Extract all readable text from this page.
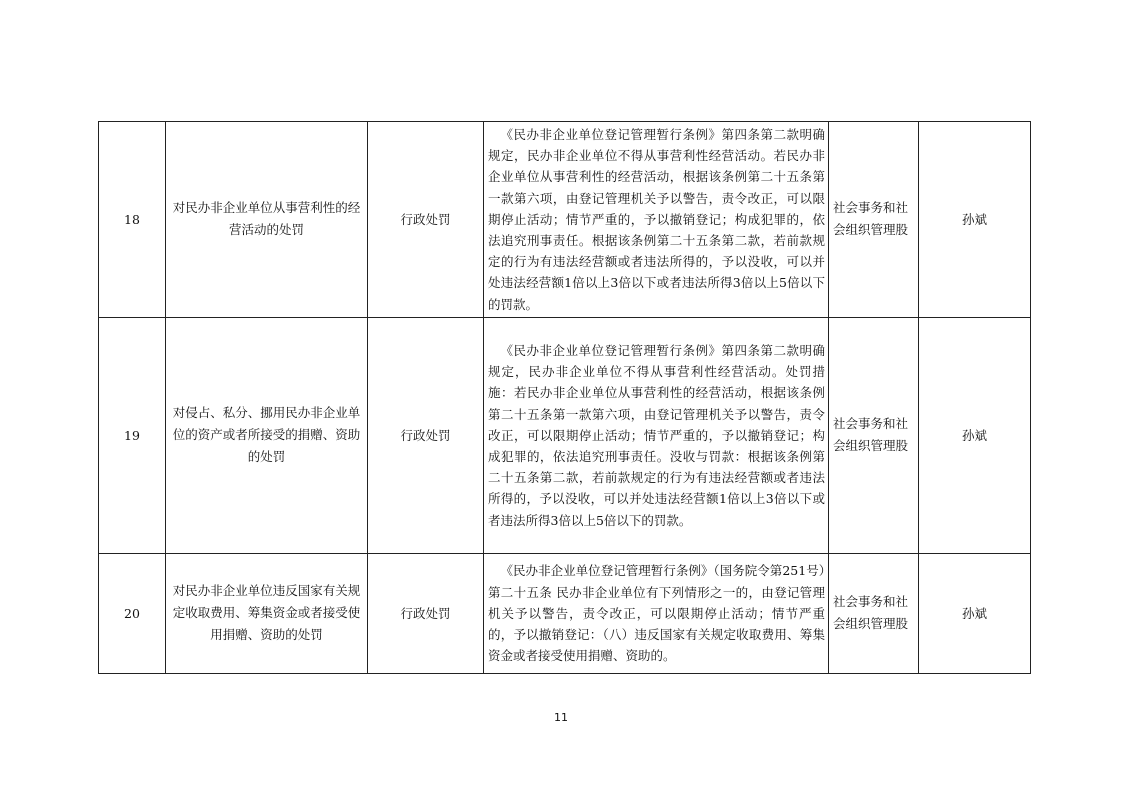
18	对民办非企业单位从事营利性的经营活动的处罚	行政处罚	《民办非企业单位登记管理暂行条例》第四条第二款明确规定，民办非企业单位不得从事营利性经营活动。若民办非企业单位从事营利性的经营活动，根据该条例第二十五条第一款第六项，由登记管理机关予以警告，责令改正，可以限期停止活动；情节严重的，予以撤销登记；构成犯罪的，依法追究刑事责任。根据该条例第二十五条第二款，若前款规定的行为有违法经营额或者违法所得的，予以没收，可以并处违法经营额1倍以上3倍以下或者违法所得3倍以上5倍以下的罚款。	社会事务和社会组织管理股	孙斌
19	对侵占、私分、挪用民办非企业单位的资产或者所接受的捐赠、资助的处罚	行政处罚	《民办非企业单位登记管理暂行条例》第四条第二款明确规定，民办非企业单位不得从事营利性经营活动。处罚措施：若民办非企业单位从事营利性的经营活动，根据该条例第二十五条第一款第六项，由登记管理机关予以警告，责令改正，可以限期停止活动；情节严重的，予以撤销登记；构成犯罪的，依法追究刑事责任。没收与罚款：根据该条例第二十五条第二款，若前款规定的行为有违法经营额或者违法所得的，予以没收，可以并处违法经营额1倍以上3倍以下或者违法所得3倍以上5倍以下的罚款。	社会事务和社会组织管理股	孙斌
20	对民办非企业单位违反国家有关规定收取费用、筹集资金或者接受使用捐赠、资助的处罚	行政处罚	《民办非企业单位登记管理暂行条例》（国务院令第251号）第二十五条 民办非企业单位有下列情形之一的，由登记管理机关予以警告，责令改正，可以限期停止活动；情节严重的，予以撤销登记：（八）违反国家有关规定收取费用、筹集资金或者接受使用捐赠、资助的。	社会事务和社会组织管理股	孙斌
11
